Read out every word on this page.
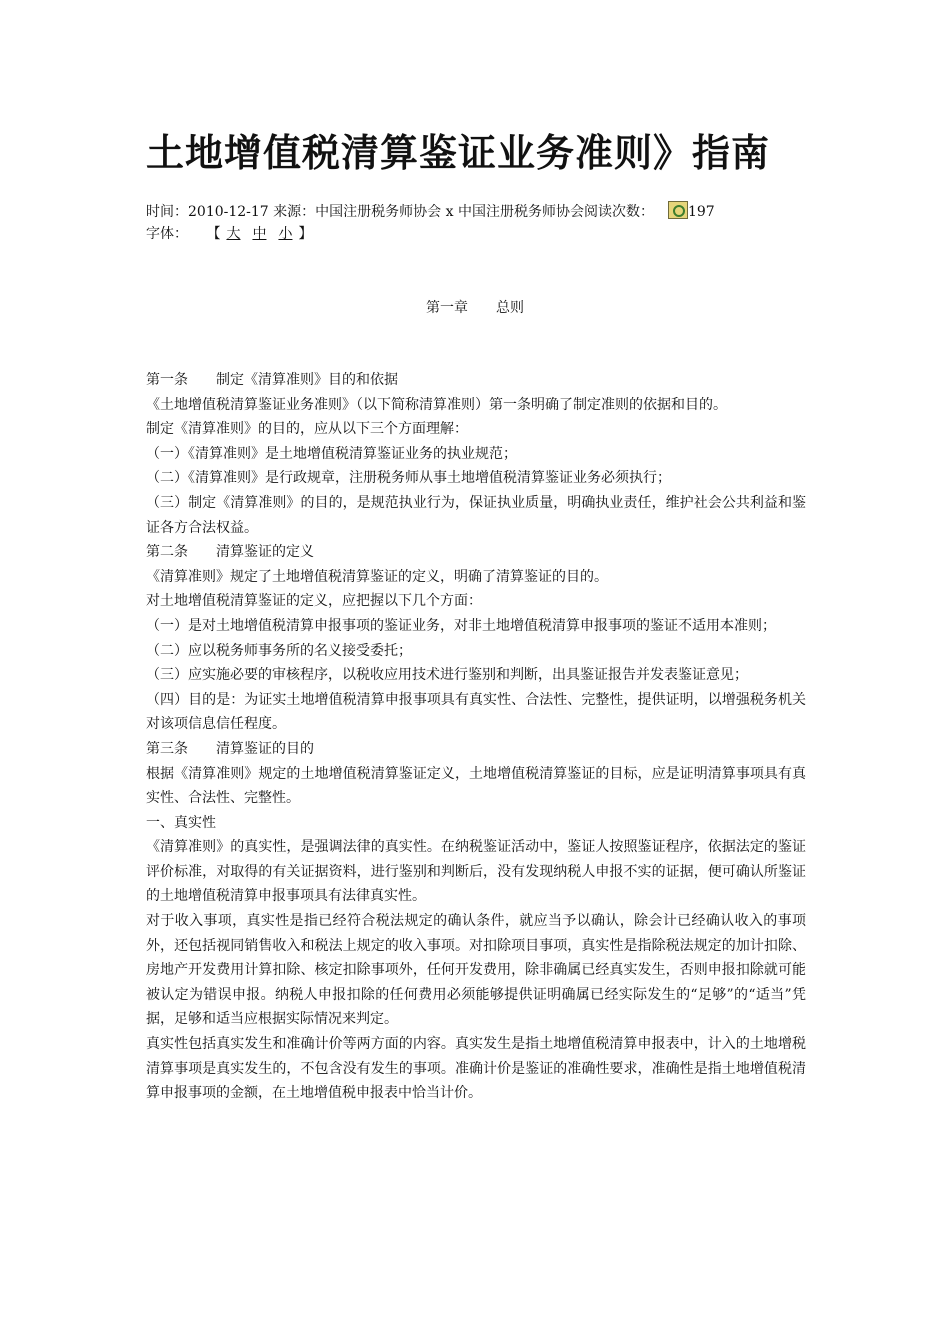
土地增值税清算鉴证业务准则》指南
时间：2010-12-17 来源：中国注册税务师协会 x 中国注册税务师协会阅读次数： 197
字体： 【 大 中 小 】
第一章 总则

第一条 制定《清算准则》目的和依据

《土地增值税清算鉴证业务准则》（以下简称清算准则）第一条明确了制定准则的依据和目的。

制定《清算准则》的目的，应从以下三个方面理解：

（一）《清算准则》是土地增值税清算鉴证业务的执业规范；

（二）《清算准则》是行政规章，注册税务师从事土地增值税清算鉴证业务必须执行；

（三）制定《清算准则》的目的，是规范执业行为，保证执业质量，明确执业责任，维护社会公共利益和鉴证各方合法权益。

第二条 清算鉴证的定义

《清算准则》规定了土地增值税清算鉴证的定义，明确了清算鉴证的目的。

对土地增值税清算鉴证的定义，应把握以下几个方面：

（一）是对土地增值税清算申报事项的鉴证业务，对非土地增值税清算申报事项的鉴证不适用本准则；

（二）应以税务师事务所的名义接受委托；

（三）应实施必要的审核程序，以税收应用技术进行鉴别和判断，出具鉴证报告并发表鉴证意见；

（四）目的是：为证实土地增值税清算申报事项具有真实性、合法性、完整性，提供证明，以增强税务机关对该项信息信任程度。

第三条 清算鉴证的目的

根据《清算准则》规定的土地增值税清算鉴证定义，土地增值税清算鉴证的目标，应是证明清算事项具有真实性、合法性、完整性。

一、真实性

《清算准则》的真实性，是强调法律的真实性。在纳税鉴证活动中，鉴证人按照鉴证程序，依据法定的鉴证评价标准，对取得的有关证据资料，进行鉴别和判断后，没有发现纳税人申报不实的证据，便可确认所鉴证的土地增值税清算申报事项具有法律真实性。

对于收入事项，真实性是指已经符合税法规定的确认条件，就应当予以确认，除会计已经确认收入的事项外，还包括视同销售收入和税法上规定的收入事项。对扣除项目事项，真实性是指除税法规定的加计扣除、房地产开发费用计算扣除、核定扣除事项外，任何开发费用，除非确属已经真实发生，否则申报扣除就可能被认定为错误申报。纳税人申报扣除的任何费用必须能够提供证明确属已经实际发生的“足够”的“适当”凭据，足够和适当应根据实际情况来判定。

真实性包括真实发生和准确计价等两方面的内容。真实发生是指土地增值税清算申报表中，计入的土地增税清算事项是真实发生的，不包含没有发生的事项。准确计价是鉴证的准确性要求，准确性是指土地增值税清算申报事项的金额，在土地增值税申报表中恰当计价。
